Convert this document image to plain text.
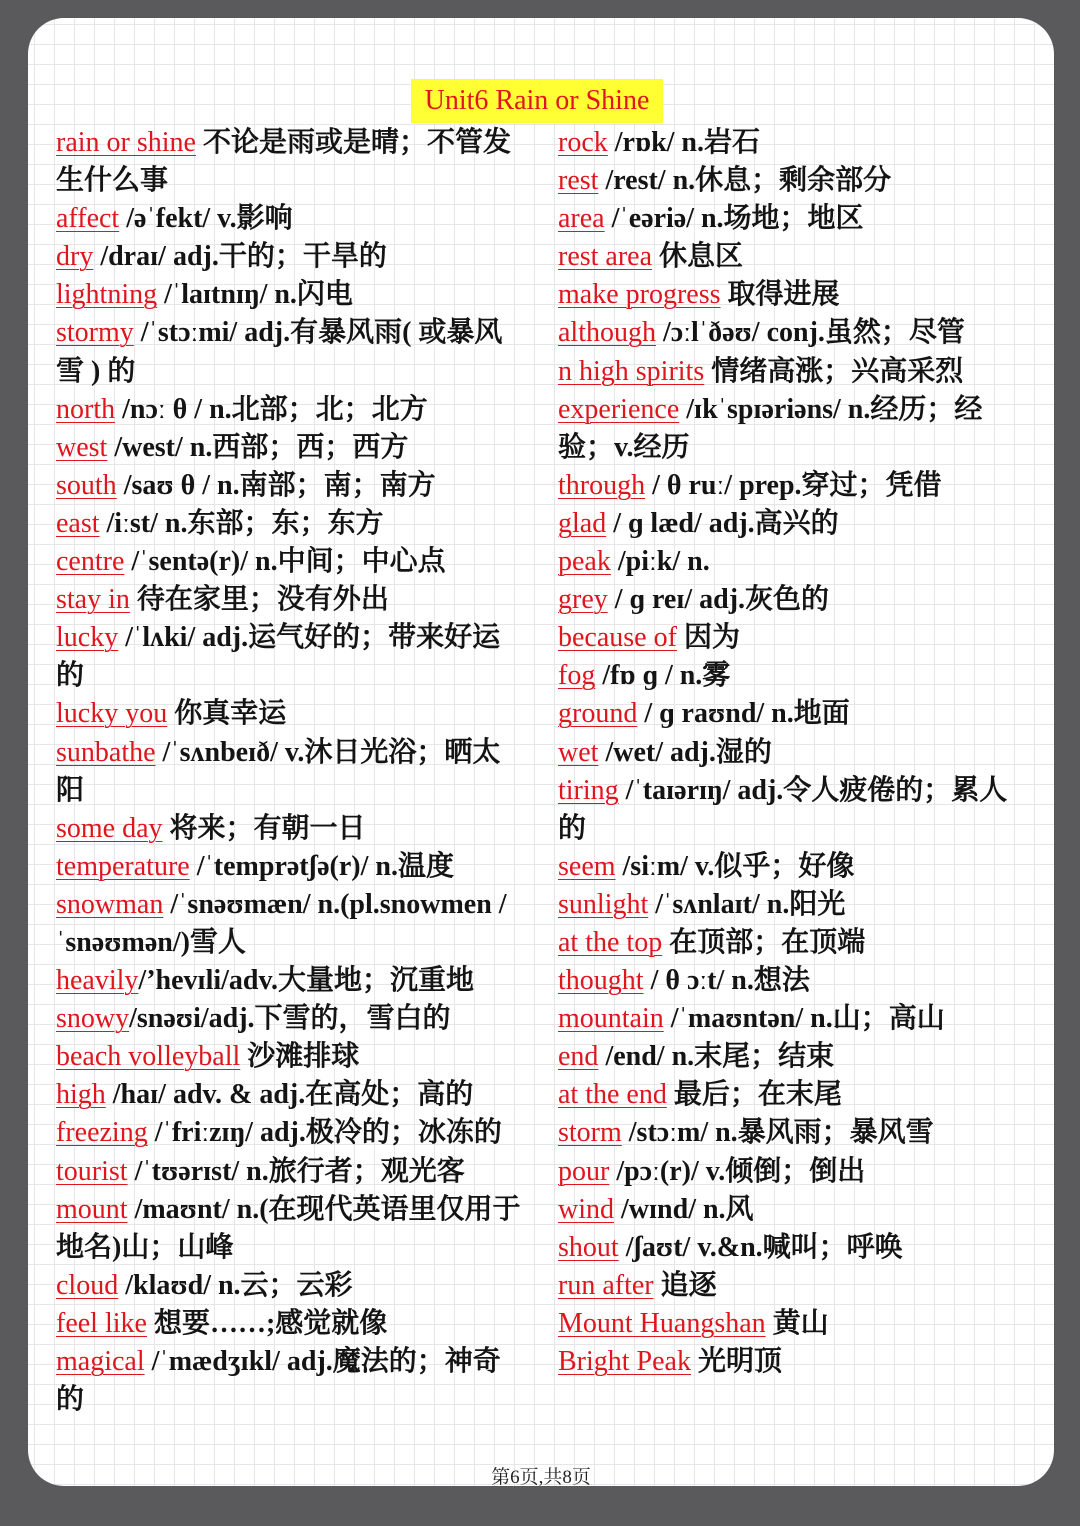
Unit6 Rain or Shine
rain or shine 不论是雨或是晴；不管发生什么事
affect /əˈfekt/ v.影响
dry /draɪ/ adj.干的；干旱的
lightning /ˈlaɪtnɪŋ/ n.闪电
stormy /ˈstɔːmi/ adj.有暴风雨( 或暴风雪 ) 的
north /nɔː θ / n.北部；北；北方
west /west/ n.西部；西；西方
south /saʊ θ / n.南部；南；南方
east /iːst/ n.东部；东；东方
centre /ˈsentə(r)/ n.中间；中心点
stay in 待在家里；没有外出
lucky /ˈlʌki/ adj.运气好的；带来好运的
lucky you 你真幸运
sunbathe /ˈsʌnbeɪð/ v.沐日光浴；晒太阳
some day 将来；有朝一日
temperature /ˈtemprətʃə(r)/ n.温度
snowman /ˈsnəʊmæn/ n.(pl.snowmen /ˈsnəʊmən/)雪人
heavily/’hevɪli/adv.大量地；沉重地
snowy/snəʊi/adj.下雪的，雪白的
beach volleyball 沙滩排球
high /haɪ/ adv. & adj.在高处；高的
freezing /ˈfriːzɪŋ/ adj.极冷的；冰冻的
tourist /ˈtʊərɪst/ n.旅行者；观光客
mount /maʊnt/ n.(在现代英语里仅用于地名)山；山峰
cloud /klaʊd/ n.云；云彩
feel like 想要……;感觉就像
magical /ˈmædʒɪkl/ adj.魔法的；神奇的
rock /rɒk/ n.岩石
rest /rest/ n.休息；剩余部分
area /ˈeəriə/ n.场地；地区
rest area 休息区
make progress 取得进展
although /ɔːlˈðəʊ/ conj.虽然；尽管
n high spirits 情绪高涨；兴高采烈
experience /ɪkˈspɪəriəns/ n.经历；经验；v.经历
through / θ ruː/ prep.穿过；凭借
glad / ɡ læd/ adj.高兴的
peak /piːk/ n.
grey / ɡ reɪ/ adj.灰色的
because of 因为
fog /fɒ ɡ / n.雾
ground / ɡ raʊnd/ n.地面
wet /wet/ adj.湿的
tiring /ˈtaɪərɪŋ/ adj.令人疲倦的；累人的
seem /siːm/ v.似乎；好像
sunlight /ˈsʌnlaɪt/ n.阳光
at the top 在顶部；在顶端
thought / θ ɔːt/ n.想法
mountain /ˈmaʊntən/ n.山；高山
end /end/ n.末尾；结束
at the end 最后；在末尾
storm /stɔːm/ n.暴风雨；暴风雪
pour /pɔː(r)/ v.倾倒；倒出
wind /wɪnd/ n.风
shout /ʃaʊt/ v.&n.喊叫；呼唤
run after 追逐
Mount Huangshan 黄山
Bright Peak 光明顶
第6页,共8页
